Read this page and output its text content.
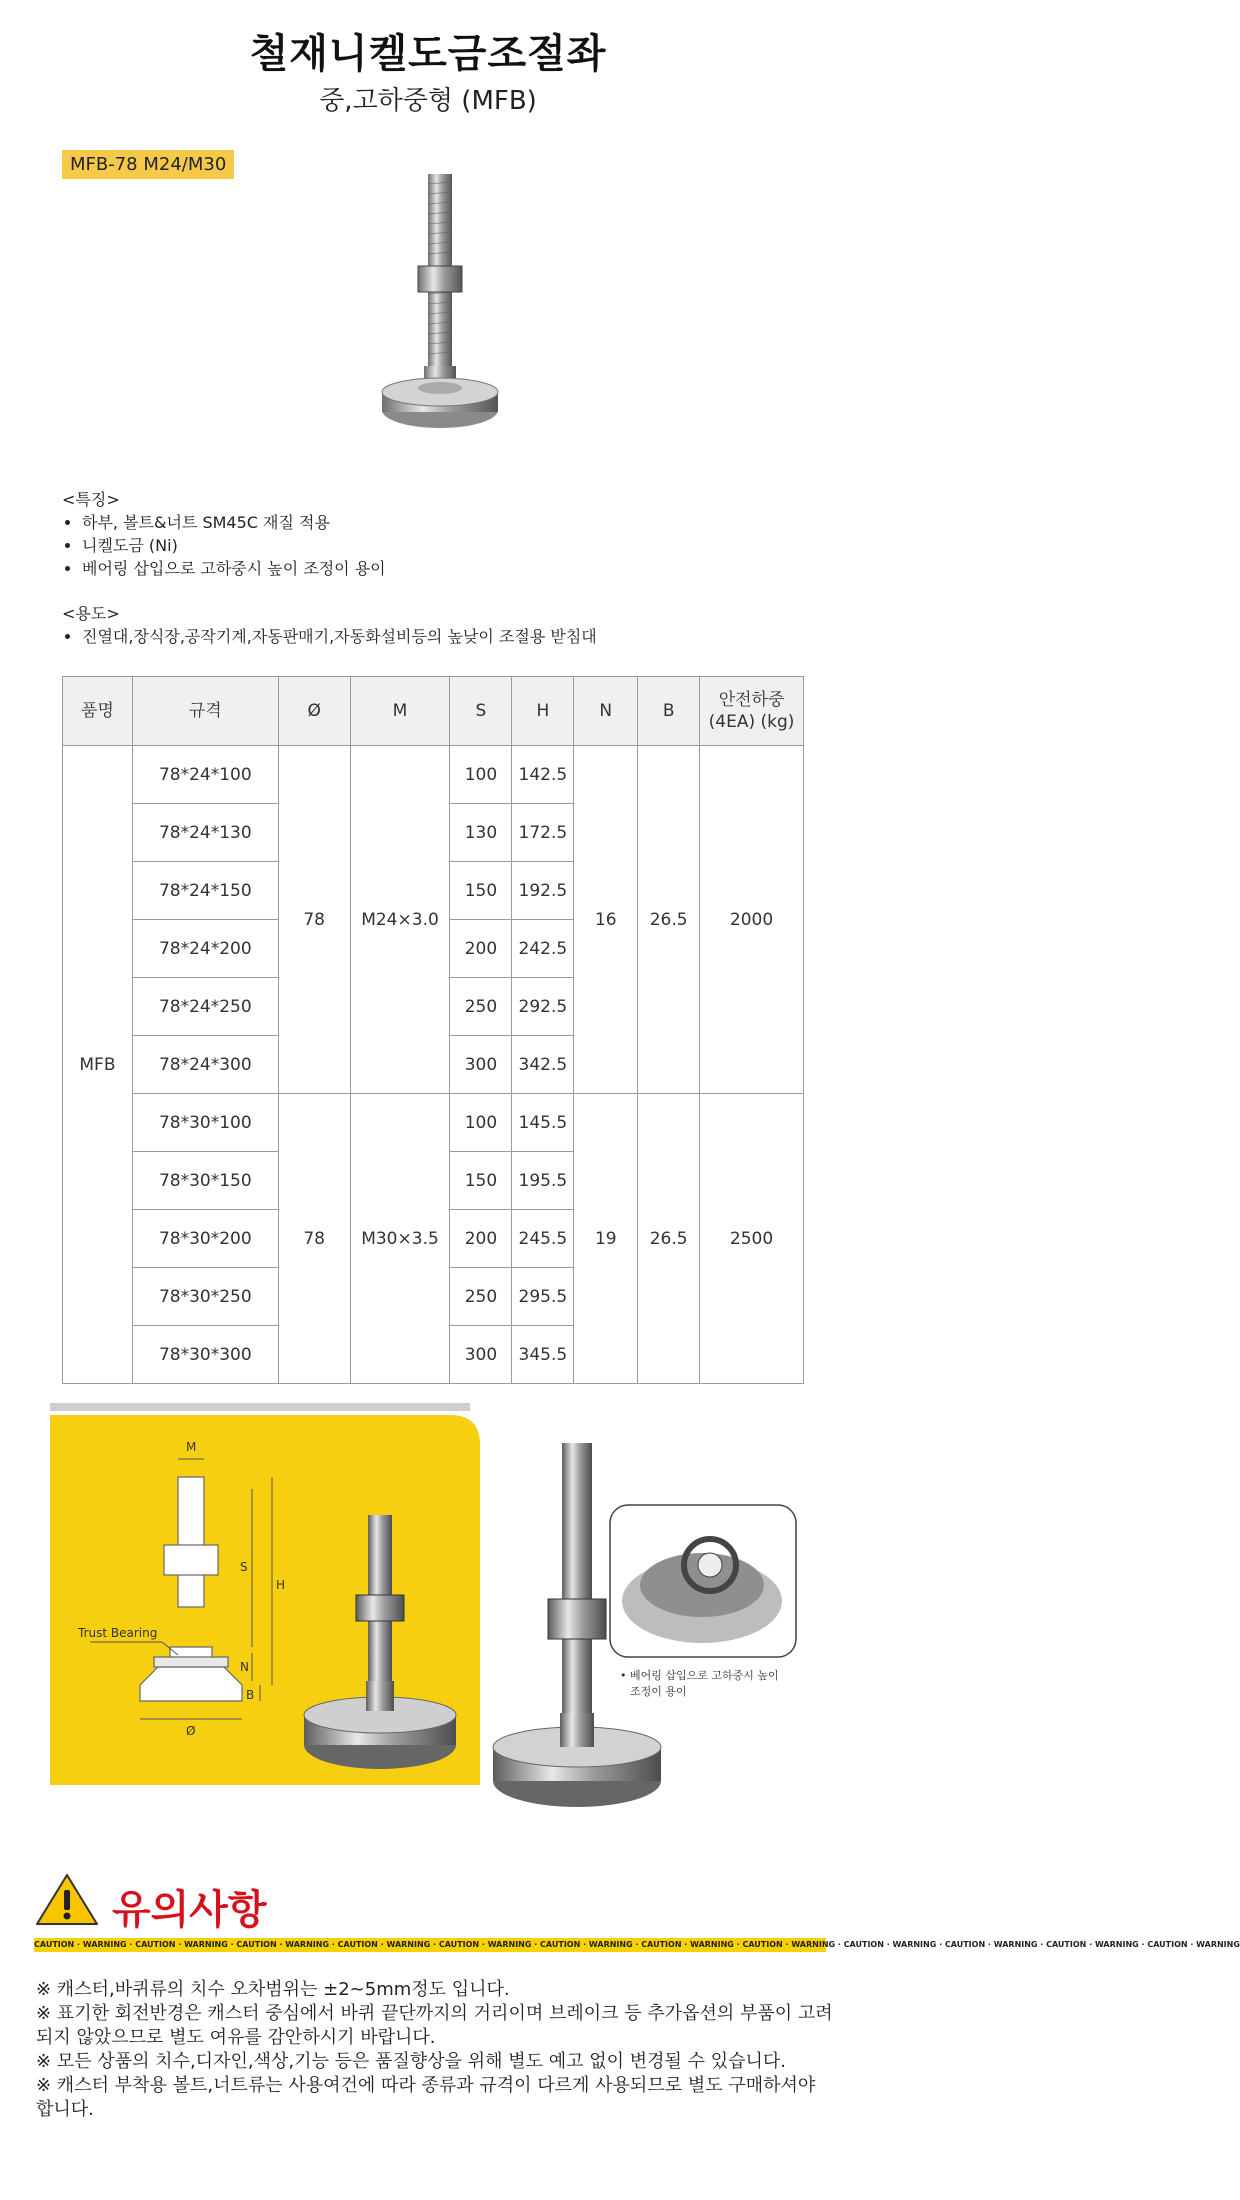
철재니켈도금조절좌
중,고하중형 (MFB)
MFB-78 M24/M30

<특징>

• 하부, 볼트&너트 SM45C 재질 적용
• 니켈도금 (Ni)
• 베어링 삽입으로 고하중시 높이 조정이 용이

<용도>

• 진열대,장식장,공작기계,자동판매기,자동화설비등의 높낮이 조절용 받침대
품명	규격	Ø	M	S	H	N	B	안전하중 (4EA) (kg)
MFB	78*24*100	78	M24×3.0	100	142.5	16	26.5	2000
	78*24*130			130	172.5			
	78*24*150			150	192.5			
	78*24*200			200	242.5			
	78*24*250			250	292.5			
	78*24*300			300	342.5			
	78*30*100	78	M30×3.5	100	145.5	19	26.5	2500
	78*30*150			150	195.5			
	78*30*200			200	245.5			
	78*30*250			250	295.5			
	78*30*300			300	345.5			
M
S
H
N
B
Ø
Trust Bearing
• 베어링 삽입으로 고하중시 높이
조정이 용이
유의사항
CAUTION · WARNING · CAUTION · WARNING · CAUTION · WARNING · CAUTION · WARNING · CAUTION · WARNING · CAUTION · WARNING · CAUTION · WARNING · CAUTION · WARNING · CAUTION · WARNING · CAUTION · WARNING · CAUTION · WARNING · CAUTION · WARNING

※ 캐스터,바퀴류의 치수 오차범위는 ±2~5mm정도 입니다.

※ 표기한 회전반경은 캐스터 중심에서 바퀴 끝단까지의 거리이며 브레이크 등 추가옵션의 부품이 고려되지 않았으므로 별도 여유를 감안하시기 바랍니다.

※ 모든 상품의 치수,디자인,색상,기능 등은 품질향상을 위해 별도 예고 없이 변경될 수 있습니다.

※ 캐스터 부착용 볼트,너트류는 사용여건에 따라 종류과 규격이 다르게 사용되므로 별도 구매하셔야 합니다.
